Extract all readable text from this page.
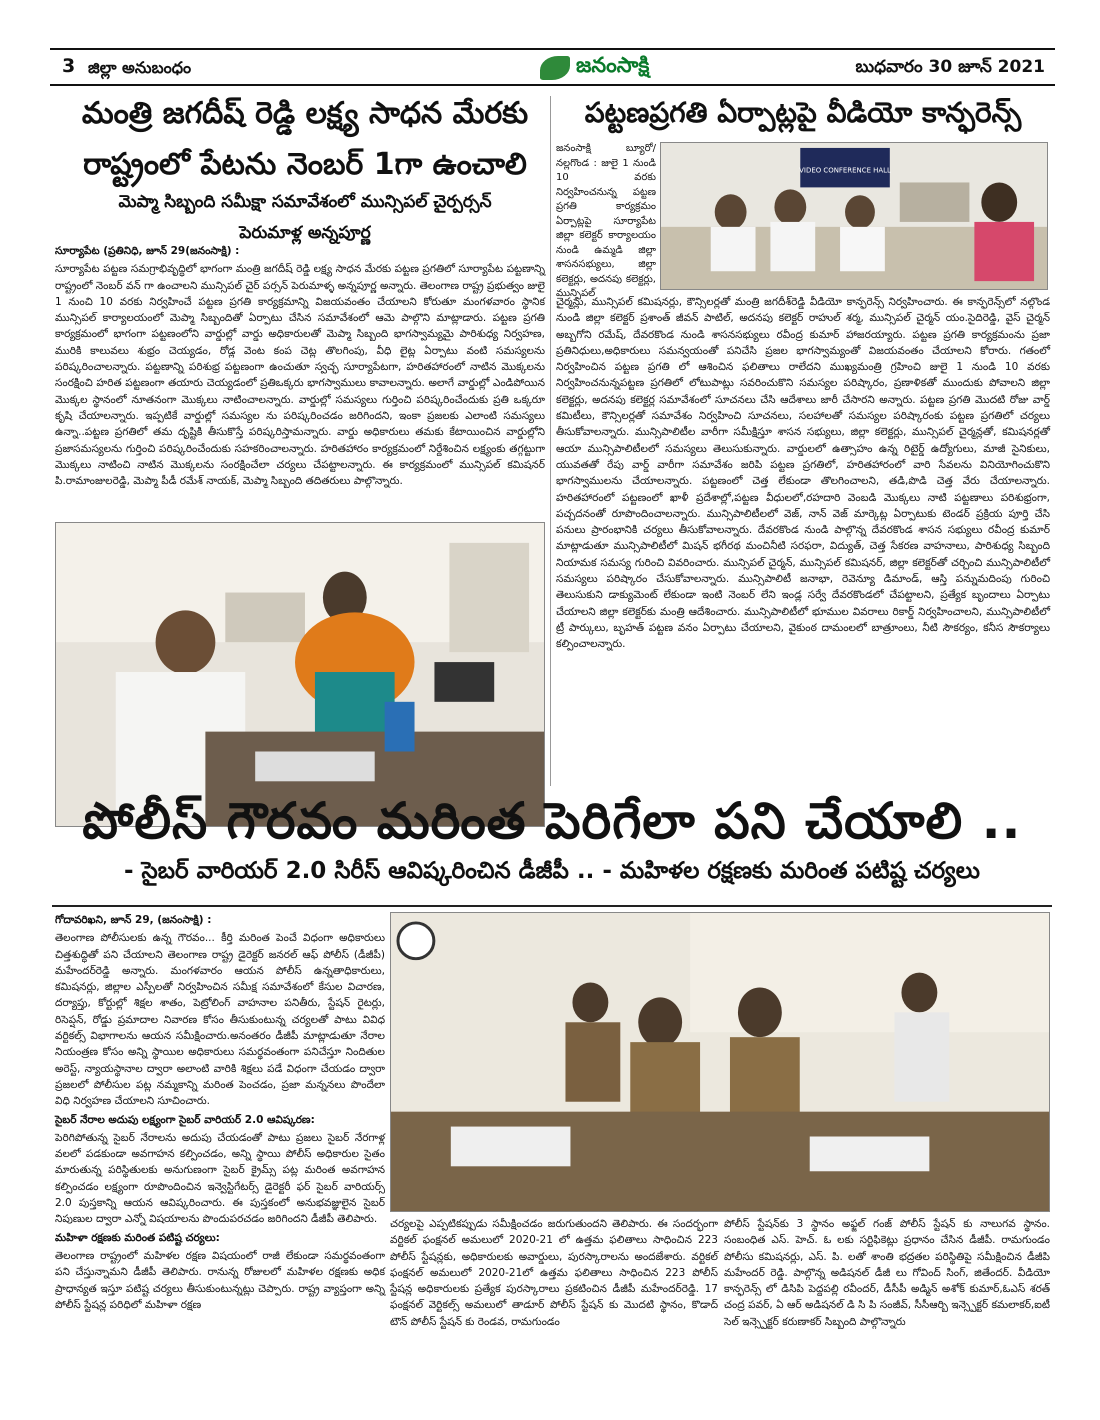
3 జిల్లా అనుబంధం	జనంసాక్షి	బుధవారం 30 జూన్ 2021
మంత్రి జగదీష్ రెడ్డి లక్ష్య సాధన మేరకు
రాష్ట్రంలో పేటను నెంబర్ 1గా ఉంచాలి
మెప్మా సిబ్బంది సమీక్షా సమావేశంలో మున్సిపల్ చైర్పర్సన్
పెరుమాళ్ల అన్నపూర్ణ
పట్టణప్రగతి ఏర్పాట్లపై వీడియో కాన్ఫరెన్స్

సూర్యాపేట (ప్రతినిధి, జూన్ 29(జనంసాక్షి) :

సూర్యాపేట పట్టణ సమగ్రాభివృద్ధిలో భాగంగా మంత్రి జగదీష్ రెడ్డి లక్ష్య సాధన మేరకు పట్టణ ప్రగతిలో సూర్యాపేట పట్టణాన్ని రాష్ట్రంలో నెంబర్ వన్ గా ఉంచాలని మున్సిపల్ చైర్ పర్సన్ పెరుమాళ్ళ అన్నపూర్ణ అన్నారు. తెలంగాణ రాష్ట్ర ప్రభుత్వం జులై 1 నుంచి 10 వరకు నిర్వహించే పట్టణ ప్రగతి కార్యక్రమాన్ని విజయవంతం చేయాలని కోరుతూ మంగళవారం స్థానిక మున్సిపల్ కార్యాలయంలో మెప్మా సిబ్బందితో ఏర్పాటు చేసిన సమావేశంలో ఆమె పాల్గొని మాట్లాడారు. పట్టణ ప్రగతి కార్యక్రమంలో భాగంగా పట్టణంలోని వార్డుల్లో వార్డు అధికారులతో మెప్మా సిబ్బంది భాగస్వామ్యమై పారిశుధ్య నిర్వహణ, మురికి కాలువలు శుభ్రం చెయ్యడం, రోడ్ల వెంట కంప చెట్ల తొలగింపు, వీధి లైట్ల ఏర్పాటు వంటి సమస్యలను పరిష్కరించాలన్నారు. పట్టణాన్ని పరిశుభ్ర పట్టణంగా ఉంచుతూ స్వచ్ఛ సూర్యాపేటగా, హరితహారంలో నాటిన మొక్కలను సంరక్షించి హరిత పట్టణంగా తయారు చెయ్యడంలో ప్రతిఒక్కరు భాగస్వాములు కావాలన్నారు. అలాగే వార్డుల్లో ఎండిపోయిన మొక్కల స్థానంలో నూతనంగా మొక్కలు నాటించాలన్నారు. వార్డుల్లో సమస్యలు గుర్తించి పరిష్కరించేందుకు ప్రతి ఒక్కరూ కృషి చేయాలన్నారు. ఇప్పటికే వార్డుల్లో సమస్యల ను పరిష్కరించడం జరిగిందని, ఇంకా ప్రజలకు ఎలాంటి సమస్యలు ఉన్నా..పట్టణ ప్రగతిలో తమ దృష్టికి తీసుకొస్తే పరిష్కరిస్తామన్నారు. వార్డు అధికారులు తమకు కేటాయించిన వార్డుల్లోని ప్రజాసమస్యలను గుర్తించి పరిష్కరించేందుకు సహకరించాలన్నారు. హరితహారం కార్యక్రమంలో నిర్దేశించిన లక్ష్యంకు తగ్గట్టుగా మొక్కలు నాటించి నాటిన మొక్కలను సంరక్షించేలా చర్యలు చేపట్టాలన్నారు. ఈ కార్యక్రమంలో మున్సిపల్ కమిషనర్ పి.రామాంజులరెడ్డి, మెప్మా పీడీ రమేశ్ నాయక్, మెప్మా సిబ్బంది తదితరులు పాల్గొన్నారు.

జనంసాక్షి బ్యూరో/నల్లగొండ : జులై 1 నుండి 10 వరకు నిర్వహించనున్న పట్టణ ప్రగతి కార్యక్రమం ఏర్పాట్లపై సూర్యాపేట జిల్లా కలెక్టర్ కార్యాలయం నుండి ఉమ్మడి జిల్లా శాసనసభ్యులు, జిల్లా కలెక్టర్లు, అదనపు కలెక్టర్లు, మున్సిపల్

VIDEO CONFERENCE HALL

చైర్మన్లు, మున్సిపల్ కమిషనర్లు, కౌన్సిలర్లతో మంత్రి జగదీశ్‌రెడ్డి వీడియో కాన్ఫరెన్స్ నిర్వహించారు. ఈ కాన్ఫరెన్స్‌లో నల్గొండ నుండి జిల్లా కలెక్టర్ ప్రశాంత్ జీవన్ పాటిల్, అదనపు కలెక్టర్ రాహుల్ శర్మ, మున్సిపల్ చైర్మన్ యం.సైదిరెడ్డి, వైస్ చైర్మన్ అబ్బగోని రమేష్, దేవరకొండ నుండి శాసనసభ్యులు రవీంద్ర కుమార్ హాజరయ్యారు. పట్టణ ప్రగతి కార్యక్రమంను ప్రజా ప్రతినిధులు,అధికారులు సమన్వయంతో పనిచేసి ప్రజల భాగస్వామ్యంతో విజయవంతం చేయాలని కోరారు. గతంలో నిర్వహించిన పట్టణ ప్రగతి లో ఆశించిన ఫలితాలు రాలేదని ముఖ్యమంత్రి గ్రహించి జులై 1 నుండి 10 వరకు నిర్వహించనున్నపట్టణ ప్రగతిలో లోటుపాట్లు సవరించుకొని సమస్యల పరిష్కారం, ప్రణాళికతో ముందుకు పోవాలని జిల్లా కలెక్టర్లు, అదనపు కలెక్టర్ల సమావేశంలో సూచనలు చేసి ఆదేశాలు జారీ చేసారని అన్నారు. పట్టణ ప్రగతి మొదటి రోజు వార్డ్ కమిటీలు, కౌన్సిలర్లతో సమావేశం నిర్వహించి సూచనలు, సలహాలతో సమస్యల పరిష్కారంకు పట్టణ ప్రగతిలో చర్యలు తీసుకోవాలన్నారు. మున్సిపాలిటీల వారీగా సమీక్షిస్తూ శాసన సభ్యులు, జిల్లా కలెక్టర్లు, మున్సిపల్ చైర్మన్లతో, కమిషనర్లతో ఆయా మున్సిపాలిటీలలో సమస్యలు తెలుసుకున్నారు. వార్డులలో ఉత్సాహం ఉన్న రిటైర్డ్ ఉద్యోగులు, మాజీ సైనికులు, యువతతో రేపు వార్డ్ వారీగా సమావేశం జరిపి పట్టణ ప్రగతిలో, హరితహారంలో వారి సేవలను వినియోగించుకొని భాగస్వాములను చేయాలన్నారు. పట్టణంలో చెత్త లేకుండా తొలగించాలని, తడి,పొడి చెత్త వేరు చేయాలన్నారు. హరితహారంలో పట్టణంలో ఖాళీ ప్రదేశాల్లో,పట్టణ వీధులలో,రహదారి వెంబడి మొక్కలు నాటి పట్టణాలు పరిశుభ్రంగా, పచ్చదనంతో రూపొందించాలన్నారు. మున్సిపాలిటీలలో వెజ్, నాన్ వెజ్ మార్కెట్ల ఏర్పాటుకు టెండర్ ప్రక్రియ పూర్తి చేసి పనులు ప్రారంభానికి చర్యలు తీసుకోవాలన్నారు. దేవరకొండ నుండి పాల్గొన్న దేవరకొండ శాసన సభ్యులు రవీంద్ర కుమార్ మాట్లాడుతూ మున్సిపాలిటీలో మిషన్ భగీరథ మంచినీటి సరఫరా, విద్యుత్, చెత్త సేకరణ వాహనాలు, పారిశుధ్య సిబ్బంది నియామక సమస్య గురించి వివరించారు. మున్సిపల్ చైర్మన్, మున్సిపల్ కమిషనర్, జిల్లా కలెక్టర్‌తో చర్చించి మున్సిపాలిటీలో సమస్యలు పరిష్కారం చేసుకోవాలన్నారు. మున్సిపాలిటీ జనాభా, రెవెన్యూ డిమాండ్, ఆస్తి పన్నుమదింపు గురించి తెలుసుకుని డాక్యుమెంట్ లేకుండా ఇంటి నెంబర్ లేని ఇండ్ల సర్వే దేవరకొండలో చేపట్టాలని, ప్రత్యేక బృందాలు ఏర్పాటు చేయాలని జిల్లా కలెక్టర్‌కు మంత్రి ఆదేశించారు. మున్సిపాలిటీలో భూముల వివరాలు రికార్డ్ నిర్వహించాలని, మున్సిపాలిటీలో ట్రీ పార్కులు, బృహత్ పట్టణ వనం ఏర్పాటు చేయాలని, వైకుంఠ దామంలలో బాత్రూంలు, నీటి సౌకర్యం, కనీస సౌకర్యాలు కల్పించాలన్నారు.

పోలీస్ గౌరవం మరింత పెరిగేలా పని చేయాలి ..
- సైబర్ వారియర్ 2.0 సిరీస్ ఆవిష్కరించిన డీజీపీ .. - మహిళల రక్షణకు మరింత పటిష్ట చర్యలు

గోదావరిఖని, జూన్ 29, (జనంసాక్షి) :

తెలంగాణ పోలీసులకు ఉన్న గౌరవం... కీర్తి మరింత పెంచే విధంగా అధికారులు చిత్తశుద్ధితో పని చేయాలని తెలంగాణ రాష్ట్ర డైరెక్టర్ జనరల్ ఆఫ్ పోలీస్ (డీజీపీ) మహేందర్‌రెడ్డి అన్నారు. మంగళవారం ఆయన పోలీస్ ఉన్నతాధికారులు, కమిషనర్లు, జిల్లాల ఎస్పీలతో నిర్వహించిన సమీక్ష సమావేశంలో కేసుల విచారణ, దర్యాప్తు, కోర్టుల్లో శిక్షల శాతం, పెట్రోలింగ్ వాహనాల పనితీరు, స్టేషన్ రైటర్లు, రిసెప్షన్, రోడ్డు ప్రమాదాల నివారణ కోసం తీసుకుంటున్న చర్యలతో పాటు వివిధ వర్టికల్స్ విభాగాలను ఆయన సమీక్షించారు.అనంతరం డీజీపీ మాట్లాడుతూ నేరాల నియంత్రణ కోసం అన్ని స్థాయిల అధికారులు సమర్థవంతంగా పనిచేస్తూ నిందితుల అరెస్ట్, న్యాయస్థానాల ద్వారా అలాంటి వారికి శిక్షలు పడే విధంగా చేయడం ద్వారా ప్రజలలో పోలీసుల పట్ల నమ్మకాన్ని మరింత పెంచడం, ప్రజా మన్ననలు పొందేలా విధి నిర్వహణ చేయాలని సూచించారు.

సైబర్ నేరాల అదుపు లక్ష్యంగా సైబర్ వారియర్ 2.0 ఆవిష్కరణ:

పెరిగిపోతున్న సైబర్ నేరాలను అదుపు చేయడంతో పాటు ప్రజలు సైబర్ నేరగాళ్ల వలలో పడకుండా అవగాహన కల్పించడం, అన్ని స్థాయి పోలీస్ అధికారుల సైతం మారుతున్న పరిస్థితులకు అనుగుణంగా సైబర్ క్రైమ్స్ పట్ల మరింత అవగాహన కల్పించడం లక్ష్యంగా రూపొందించిన ఇన్వెస్టిగేటర్స్ డైరెక్టరీ ఫర్ సైబర్ వారియర్స్ 2.0 పుస్తకాన్ని ఆయన ఆవిష్కరించారు. ఈ పుస్తకంలో అనుభవజ్ఞులైన సైబర్ నిపుణుల ద్వారా ఎన్నో విషయాలను పొందుపరచడం జరిగిందని డీజీపీ తెలిపారు.

మహిళా రక్షణకు మరింత పటిష్ట చర్యలు:

తెలంగాణ రాష్ట్రంలో మహిళల రక్షణ విషయంలో రాజీ లేకుండా సమర్థవంతంగా పని చేస్తున్నామని డీజీపీ తెలిపారు. రానున్న రోజులలో మహిళల రక్షణకు అధిక ప్రాధాన్యత ఇస్తూ పటిష్ట చర్యలు తీసుకుంటున్నట్లు చెప్పారు. రాష్ట్ర వ్యాప్తంగా అన్ని పోలీస్ స్టేషన్ల పరిధిలో మహిళా రక్షణ

చర్యలపై ఎప్పటికప్పుడు సమీక్షించడం జరుగుతుందని తెలిపారు. ఈ సందర్భంగా వర్టికల్ ఫంక్షనల్ అమలులో 2020-21 లో ఉత్తమ ఫలితాలు సాధించిన 223 పోలీస్ స్టేషన్లకు, అధికారులకు అవార్డులు, పురస్కారాలను అందజేశారు. వర్టికల్ ఫంక్షనల్ అమలులో 2020-21లో ఉత్తమ ఫలితాలు సాధించిన 223 పోలీస్ స్టేషన్ల అధికారులకు ప్రత్యేక పురస్కారాలు ప్రకటించిన డీజీపీ మహేందర్‌రెడ్డి. 17 ఫంక్షనల్ వెర్టికల్స్ అమలులో తాడూర్ పోలీస్ స్టేషన్ కు మొదటి స్థానం, కొడాద్ టౌన్ పోలీస్ స్టేషన్ కు రెండవ, రామగుండం

పోలీస్ స్టేషన్‌కు 3 స్థానం అఫ్జల్ గంజ్ పోలీస్ స్టేషన్ కు నాలుగవ స్థానం. సంబంధిత ఎస్. హెచ్. ఓ లకు సర్టిఫికెట్లు ప్రధానం చేసిన డీజీపీ. రామగుండం పోలీసు కమిషనర్లు, ఎస్. పి. లతో శాంతి భద్రతల పరిస్థితిపై సమీక్షించిన డీజీపి మహేందర్ రెడ్డి. పాల్గొన్న అడిషనల్ డీజీ లు గోవింద్ సింగ్, జితేందర్. వీడియో కాన్ఫరెన్స్ లో డిసిపి పెద్దపల్లి రవీందర్, డీసీపీ అడ్మిన్ అశోక్ కుమార్,ఓఎస్ శరత్ చంద్ర పవర్, ఏ ఆర్ అడిషనల్ డి సి పి సంజీవ్, సీసీఆర్బి ఇన్స్పెక్టర్ కమలాకర్,ఐటీ సెల్ ఇన్స్పెక్టర్ కరుణాకర్ సిబ్బంది పాల్గొన్నారు
